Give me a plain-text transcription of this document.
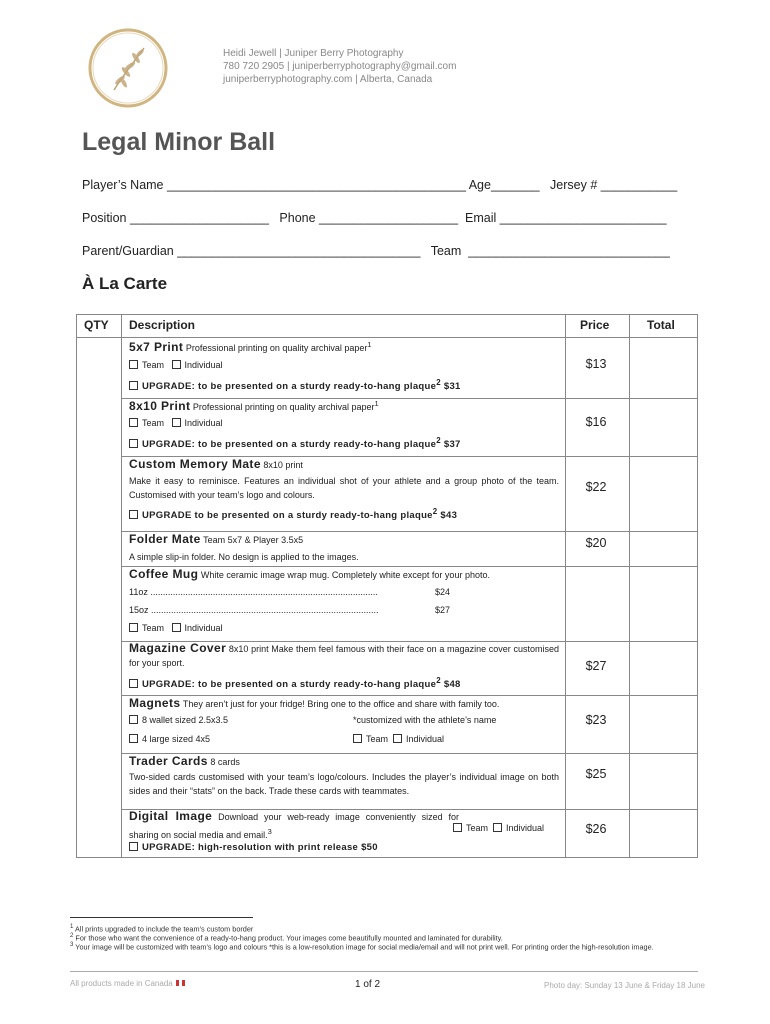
Heidi Jewell | Juniper Berry Photography
780 720 2905 | juniperberryphotography@gmail.com
juniperberryphotography.com | Alberta, Canada
Legal Minor Ball
Player’s Name ___________________________________________ Age_______   Jersey # ___________
Position ____________________   Phone ____________________  Email ________________________
Parent/Guardian ___________________________________   Team  _____________________________
À La Carte
QTY Description	Price	Total
5x7 Print Professional printing on quality archival paper$^1$
Team Individual
UPGRADE: to be presented on a sturdy ready-to-hang plaque$^2$ $31
$13
8x10 Print Professional printing on quality archival paper$^1$
Team Individual
UPGRADE: to be presented on a sturdy ready-to-hang plaque$^2$ $37
$16
Custom Memory Mate 8x10 print
Make it easy to reminisce. Features an individual shot of your athlete and a group photo of the team. Customised with your team’s logo and colours.
UPGRADE to be presented on a sturdy ready-to-hang plaque$^2$ $43
$22
Folder Mate Team 5x7 & Player 3.5x5
A simple slip-in folder. No design is applied to the images.
$20
Coffee Mug White ceramic image wrap mug. Completely white except for your photo.
11oz ...........................................................................................	$24
15oz ...........................................................................................	$27
Team Individual
Magazine Cover 8x10 print Make them feel famous with their face on a magazine cover customised for your sport.
UPGRADE: to be presented on a sturdy ready-to-hang plaque$^2$ $48
$27
Magnets They aren’t just for your fridge! Bring one to the office and share with family too.
8 wallet sized 2.5x3.5	*customized with the athlete’s name
4 large sized 4x5	Team Individual
$23
Trader Cards 8 cards
Two-sided cards customised with your team’s logo/colours. Includes the player’s individual image on both sides and their “stats” on the back. Trade these cards with teammates.
$25
Digital Image Download your web-ready image conveniently sized for sharing on social media and email.$^3$	Team Individual
UPGRADE: high-resolution with print release $50
$26
$^1$ All prints upgraded to include the team’s custom border
$^2$ For those who want the convenience of a ready-to-hang product. Your images come beautifully mounted and laminated for durability.
$^3$ Your image will be customized with team’s logo and colours *this is a low-resolution image for social media/email and will not print well. For printing order the high-resolution image.
All products made in Canada	1 of 2	Photo day: Sunday 13 June & Friday 18 June
